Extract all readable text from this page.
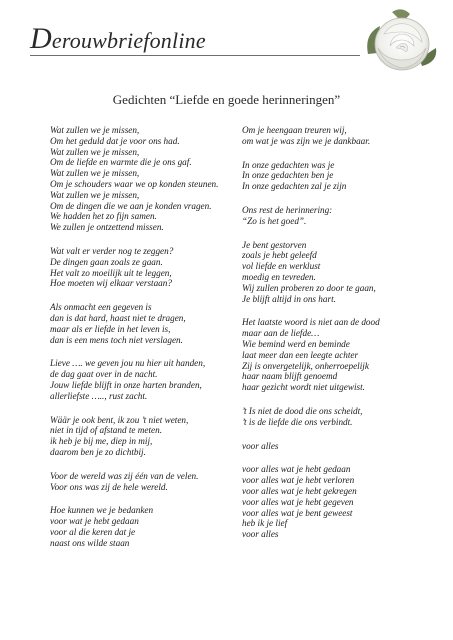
Derouwbriefonline
Gedichten “Liefde en goede herinneringen”
Wat zullen we je missen,
Om het geduld dat je voor ons had.
Wat zullen we je missen,
Om de liefde en warmte die je ons gaf.
Wat zullen we je missen,
Om je schouders waar we op konden steunen.
Wat zullen we je missen,
Om de dingen die we aan je konden vragen.
We hadden het zo fijn samen.
We zullen je ontzettend missen.
Wat valt er verder nog te zeggen?
De dingen gaan zoals ze gaan.
Het valt zo moeilijk uit te leggen,
Hoe moeten wij elkaar verstaan?
Als onmacht een gegeven is
dan is dat hard, haast niet te dragen,
maar als er liefde in het leven is,
dan is een mens toch niet verslagen.
Lieve …. we geven jou nu hier uit handen,
de dag gaat over in de nacht.
Jouw liefde blijft in onze harten branden,
allerliefste ….., rust zacht.
Wäär je ook bent, ik zou ’t niet weten,
niet in tijd of afstand te meten.
ik heb je bij me, diep in mij,
daarom ben je zo dichtbij.
Voor de wereld was zij één van de velen.
Voor ons was zij de hele wereld.
Hoe kunnen we je bedanken
voor wat je hebt gedaan
voor al die keren dat je
naast ons wilde staan
Om je heengaan treuren wij,
om wat je was zijn we je dankbaar.
In onze gedachten was je
In onze gedachten ben je
In onze gedachten zal je zijn
Ons rest de herinnering:
“Zo is het goed”.
Je bent gestorven
zoals je hebt geleefd
vol liefde en werklust
moedig en tevreden.
Wij zullen proberen zo door te gaan,
Je blijft altijd in ons hart.
Het laatste woord is niet aan de dood
maar aan de liefde…
Wie bemind werd en beminde
laat meer dan een leegte achter
Zij is onvergetelijk, onherroepelijk
haar naam blijft genoemd
haar gezicht wordt niet uitgewist.
’t Is niet de dood die ons scheidt,
’t is de liefde die ons verbindt.
voor alles
voor alles wat je hebt gedaan
voor alles wat je hebt verloren
voor alles wat je hebt gekregen
voor alles wat je hebt gegeven
voor alles wat je bent geweest
heb ik je lief
voor alles
